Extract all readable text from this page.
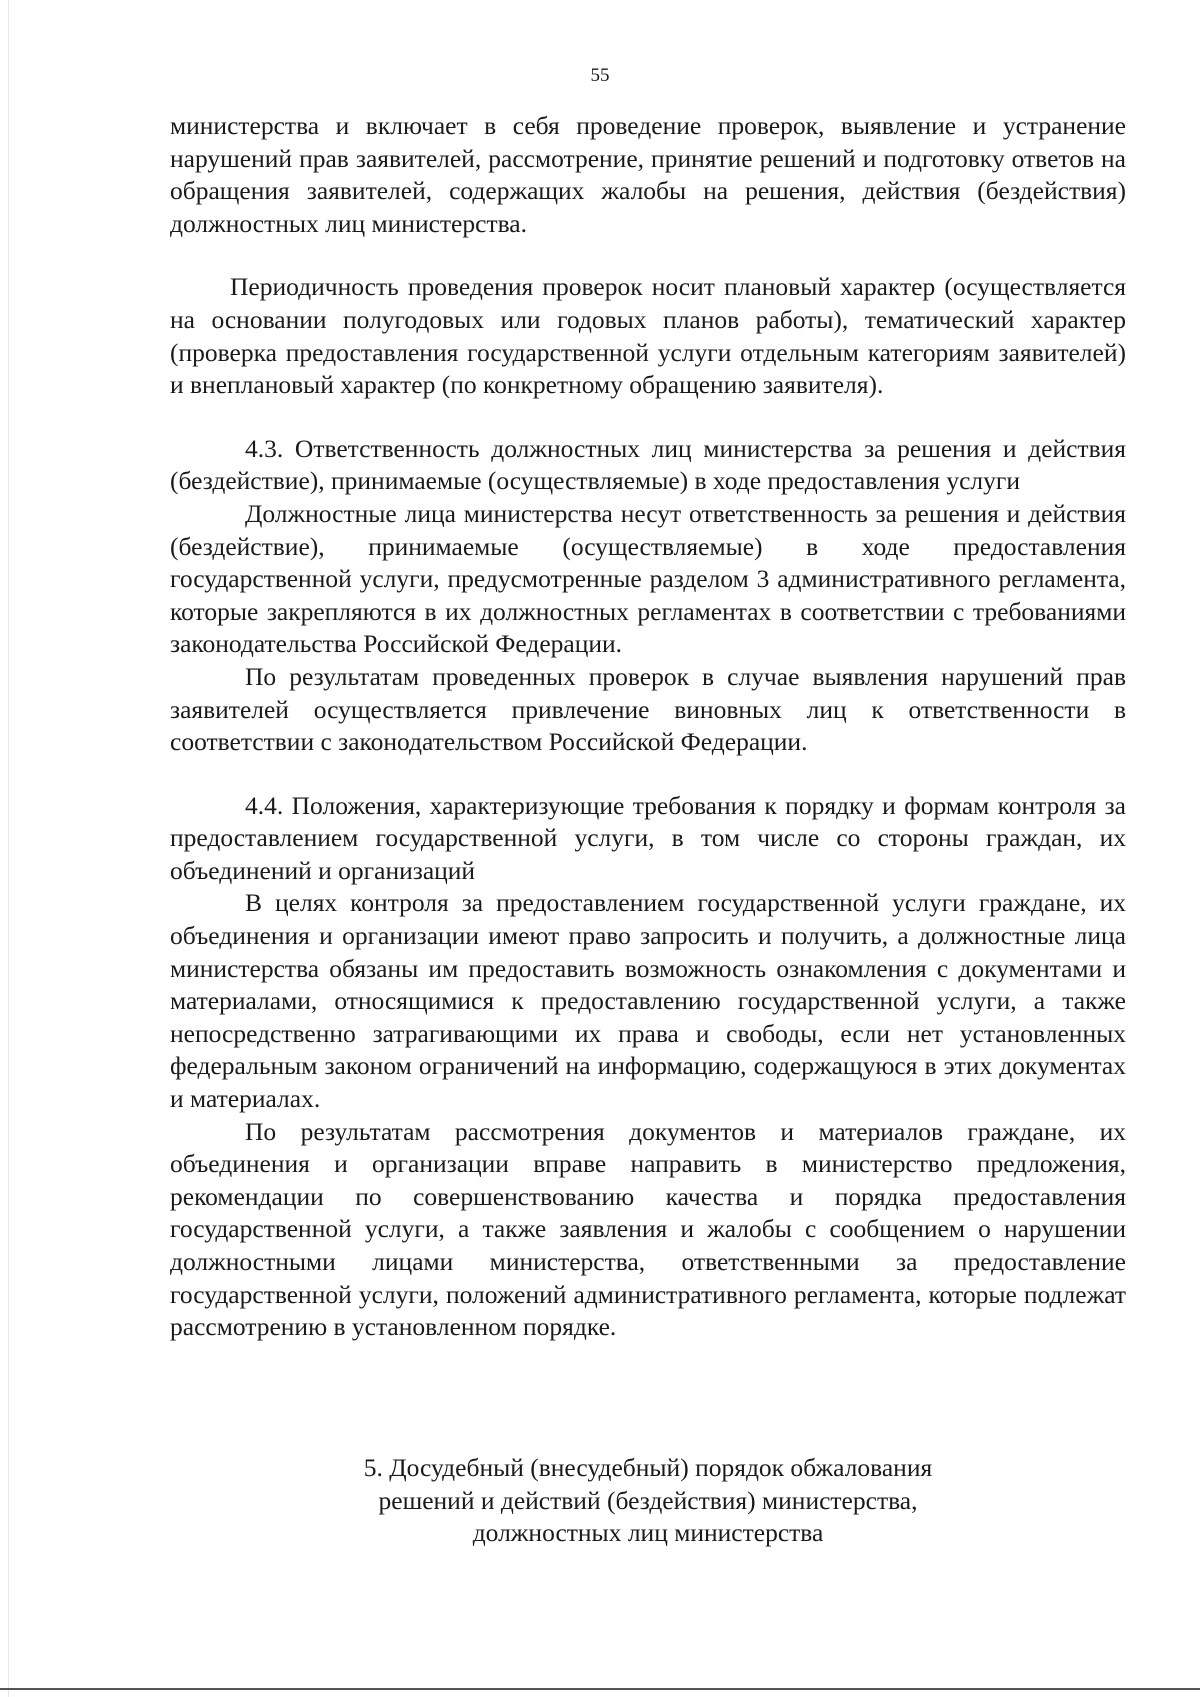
55

министерства и включает в себя проведение проверок, выявление и устранение нарушений прав заявителей, рассмотрение, принятие решений и подготовку ответов на обращения заявителей, содержащих жалобы на решения, действия (бездействия) должностных лиц министерства.

Периодичность проведения проверок носит плановый характер (осуществляется на основании полугодовых или годовых планов работы), тематический характер (проверка предоставления государственной услуги отдельным категориям заявителей) и внеплановый характер (по конкретному обращению заявителя).

4.3. Ответственность должностных лиц министерства за решения и действия (бездействие), принимаемые (осуществляемые) в ходе предоставления услуги

Должностные лица министерства несут ответственность за решения и действия (бездействие), принимаемые (осуществляемые) в ходе предоставления государственной услуги, предусмотренные разделом 3 административного регламента, которые закрепляются в их должностных регламентах в соответствии с требованиями законодательства Российской Федерации.

По результатам проведенных проверок в случае выявления нарушений прав заявителей осуществляется привлечение виновных лиц к ответственности в соответствии с законодательством Российской Федерации.

4.4. Положения, характеризующие требования к порядку и формам контроля за предоставлением государственной услуги, в том числе со стороны граждан, их объединений и организаций

В целях контроля за предоставлением государственной услуги граждане, их объединения и организации имеют право запросить и получить, а должностные лица министерства обязаны им предоставить возможность ознакомления с документами и материалами, относящимися к предоставлению государственной услуги, а также непосредственно затрагивающими их права и свободы, если нет установленных федеральным законом ограничений на информацию, содержащуюся в этих документах и материалах.

По результатам рассмотрения документов и материалов граждане, их объединения и организации вправе направить в министерство предложения, рекомендации по совершенствованию качества и порядка предоставления государственной услуги, а также заявления и жалобы с сообщением о нарушении должностными лицами министерства, ответственными за предоставление государственной услуги, положений административного регламента, которые подлежат рассмотрению в установленном порядке.

5. Досудебный (внесудебный) порядок обжалования
решений и действий (бездействия) министерства,
должностных лиц министерства
